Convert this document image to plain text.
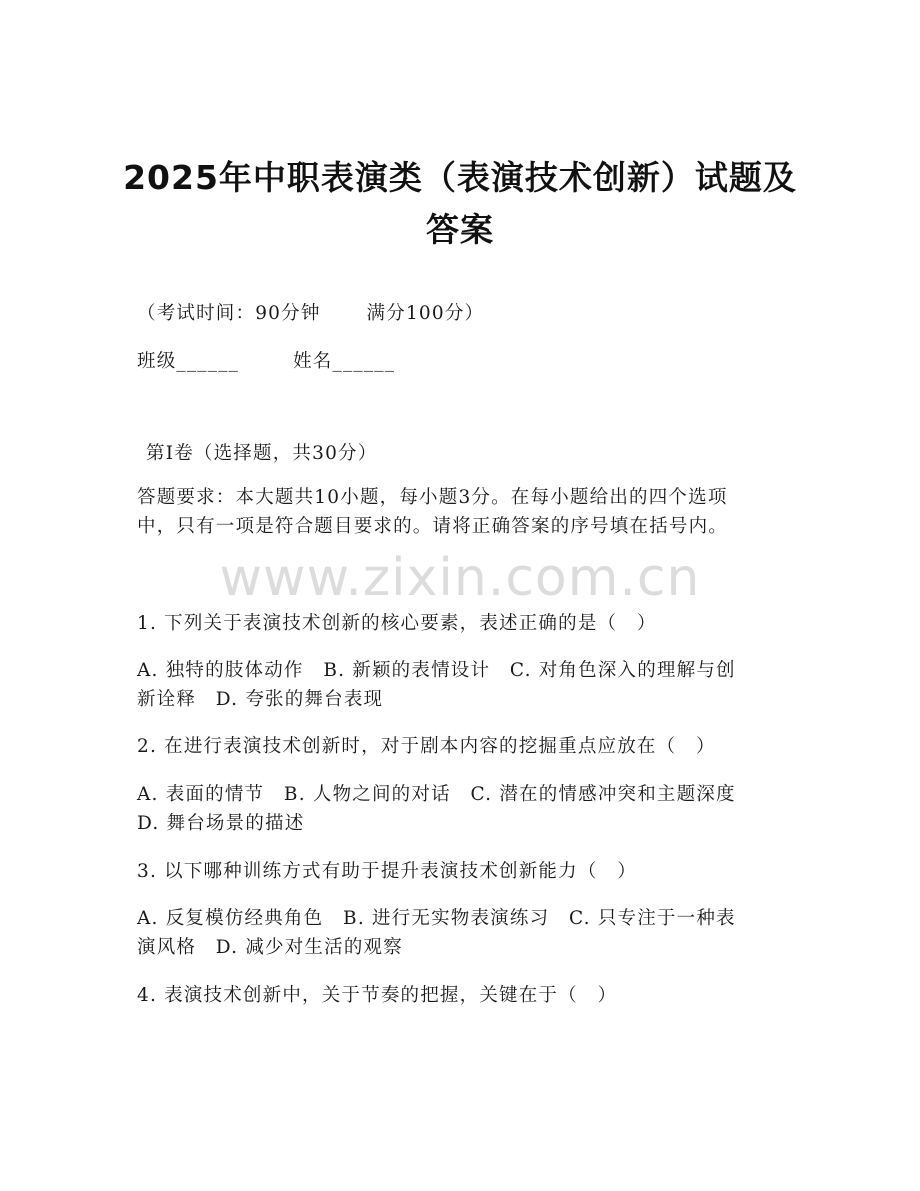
2025年中职表演类（表演技术创新）试题及
答案
（考试时间：90分钟 满分100分）
班级______	姓名______
第I卷（选择题，共30分）
答题要求：本大题共10小题，每小题3分。在每小题给出的四个选项
中，只有一项是符合题目要求的。请将正确答案的序号填在括号内。
www.zixin.com.cn
1. 下列关于表演技术创新的核心要素，表述正确的是（　）
A. 独特的肢体动作　B. 新颖的表情设计　C. 对角色深入的理解与创
新诠释　D. 夸张的舞台表现
2. 在进行表演技术创新时，对于剧本内容的挖掘重点应放在（　）
A. 表面的情节　B. 人物之间的对话　C. 潜在的情感冲突和主题深度
D. 舞台场景的描述
3. 以下哪种训练方式有助于提升表演技术创新能力（　）
A. 反复模仿经典角色　B. 进行无实物表演练习　C. 只专注于一种表
演风格　D. 减少对生活的观察
4. 表演技术创新中，关于节奏的把握，关键在于（　）
